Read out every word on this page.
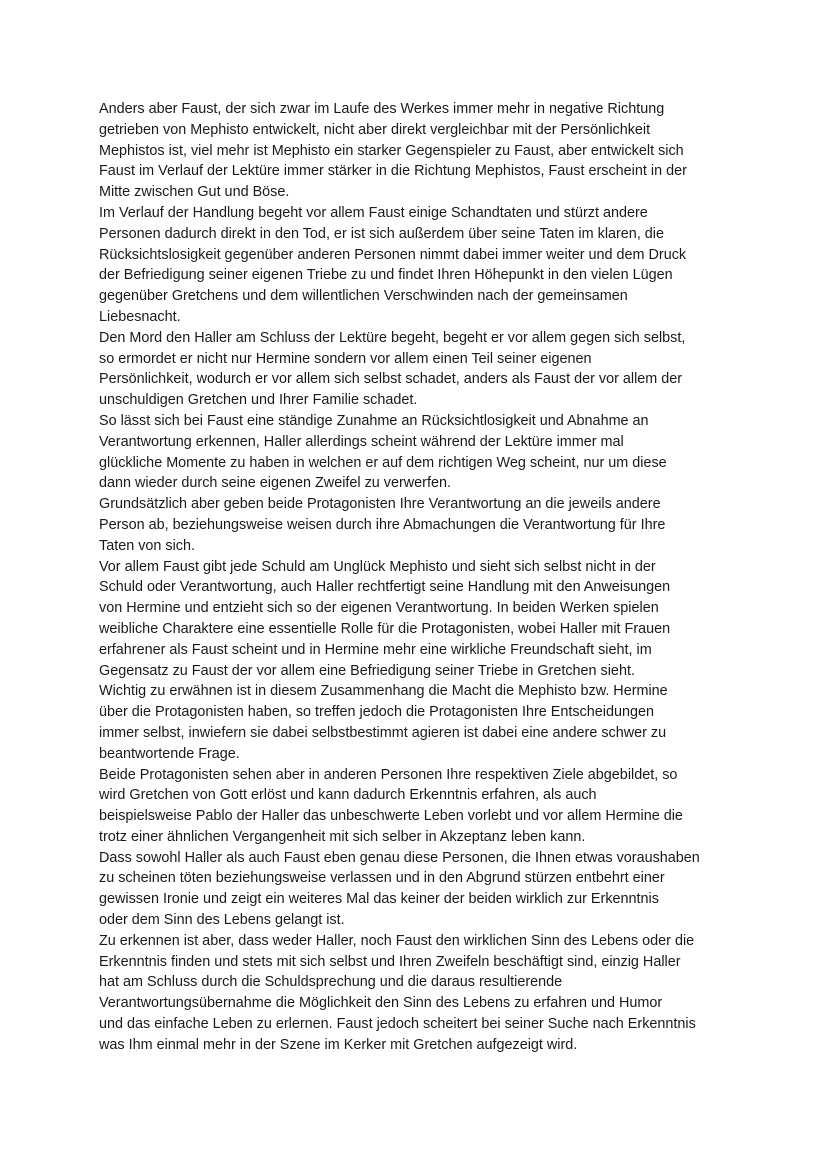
Anders aber Faust, der sich zwar im Laufe des Werkes immer mehr in negative Richtung
getrieben von Mephisto entwickelt, nicht aber direkt vergleichbar mit der Persönlichkeit
Mephistos ist, viel mehr ist Mephisto ein starker Gegenspieler zu Faust, aber entwickelt sich
Faust im Verlauf der Lektüre immer stärker in die Richtung Mephistos, Faust erscheint in der
Mitte zwischen Gut und Böse.

Im Verlauf der Handlung begeht vor allem Faust einige Schandtaten und stürzt andere
Personen dadurch direkt in den Tod, er ist sich außerdem über seine Taten im klaren, die
Rücksichtslosigkeit gegenüber anderen Personen nimmt dabei immer weiter und dem Druck
der Befriedigung seiner eigenen Triebe zu und findet Ihren Höhepunkt in den vielen Lügen
gegenüber Gretchens und dem willentlichen Verschwinden nach der gemeinsamen
Liebesnacht.

Den Mord den Haller am Schluss der Lektüre begeht, begeht er vor allem gegen sich selbst,
so ermordet er nicht nur Hermine sondern vor allem einen Teil seiner eigenen
Persönlichkeit, wodurch er vor allem sich selbst schadet, anders als Faust der vor allem der
unschuldigen Gretchen und Ihrer Familie schadet.

So lässt sich bei Faust eine ständige Zunahme an Rücksichtlosigkeit und Abnahme an
Verantwortung erkennen, Haller allerdings scheint während der Lektüre immer mal
glückliche Momente zu haben in welchen er auf dem richtigen Weg scheint, nur um diese
dann wieder durch seine eigenen Zweifel zu verwerfen.

Grundsätzlich aber geben beide Protagonisten Ihre Verantwortung an die jeweils andere
Person ab, beziehungsweise weisen durch ihre Abmachungen die Verantwortung für Ihre
Taten von sich.

Vor allem Faust gibt jede Schuld am Unglück Mephisto und sieht sich selbst nicht in der
Schuld oder Verantwortung, auch Haller rechtfertigt seine Handlung mit den Anweisungen
von Hermine und entzieht sich so der eigenen Verantwortung. In beiden Werken spielen
weibliche Charaktere eine essentielle Rolle für die Protagonisten, wobei Haller mit Frauen
erfahrener als Faust scheint und in Hermine mehr eine wirkliche Freundschaft sieht, im
Gegensatz zu Faust der vor allem eine Befriedigung seiner Triebe in Gretchen sieht.

Wichtig zu erwähnen ist in diesem Zusammenhang die Macht die Mephisto bzw. Hermine
über die Protagonisten haben, so treffen jedoch die Protagonisten Ihre Entscheidungen
immer selbst, inwiefern sie dabei selbstbestimmt agieren ist dabei eine andere schwer zu
beantwortende Frage.

Beide Protagonisten sehen aber in anderen Personen Ihre respektiven Ziele abgebildet, so
wird Gretchen von Gott erlöst und kann dadurch Erkenntnis erfahren, als auch
beispielsweise Pablo der Haller das unbeschwerte Leben vorlebt und vor allem Hermine die
trotz einer ähnlichen Vergangenheit mit sich selber in Akzeptanz leben kann.

Dass sowohl Haller als auch Faust eben genau diese Personen, die Ihnen etwas voraushaben
zu scheinen töten beziehungsweise verlassen und in den Abgrund stürzen entbehrt einer
gewissen Ironie und zeigt ein weiteres Mal das keiner der beiden wirklich zur Erkenntnis
oder dem Sinn des Lebens gelangt ist.

Zu erkennen ist aber, dass weder Haller, noch Faust den wirklichen Sinn des Lebens oder die
Erkenntnis finden und stets mit sich selbst und Ihren Zweifeln beschäftigt sind, einzig Haller
hat am Schluss durch die Schuldsprechung und die daraus resultierende
Verantwortungsübernahme die Möglichkeit den Sinn des Lebens zu erfahren und Humor
und das einfache Leben zu erlernen. Faust jedoch scheitert bei seiner Suche nach Erkenntnis
was Ihm einmal mehr in der Szene im Kerker mit Gretchen aufgezeigt wird.
